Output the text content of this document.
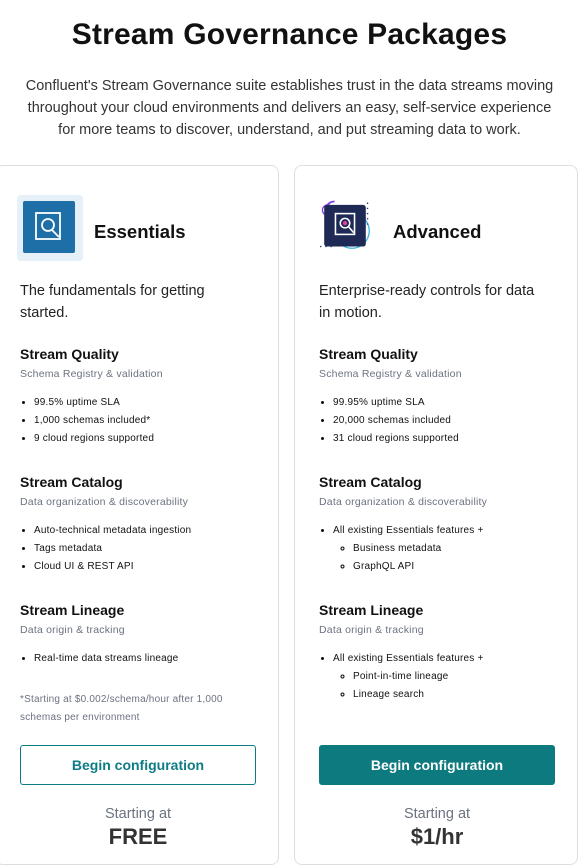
Stream Governance Packages

Confluent's Stream Governance suite establishes trust in the data streams moving throughout your cloud environments and delivers an easy, self-service experience for more teams to discover, understand, and put streaming data to work.

Essentials
The fundamentals for getting started.
Stream Quality
Schema Registry & validation
• 99.5% uptime SLA
• 1,000 schemas included*
• 9 cloud regions supported
Stream Catalog
Data organization & discoverability
• Auto-technical metadata ingestion
• Tags metadata
• Cloud UI & REST API
Stream Lineage
Data origin & tracking
• Real-time data streams lineage
*Starting at $0.002/schema/hour after 1,000 schemas per environment
Begin configuration
Starting at
FREE
Advanced
Enterprise-ready controls for data in motion.
Stream Quality
Schema Registry & validation
• 99.95% uptime SLA
• 20,000 schemas included
• 31 cloud regions supported
Stream Catalog
Data organization & discoverability
• All existing Essentials features +
◦ Business metadata
◦ GraphQL API
Stream Lineage
Data origin & tracking
• All existing Essentials features +
◦ Point-in-time lineage
◦ Lineage search
Begin configuration
Starting at
$1/hr
